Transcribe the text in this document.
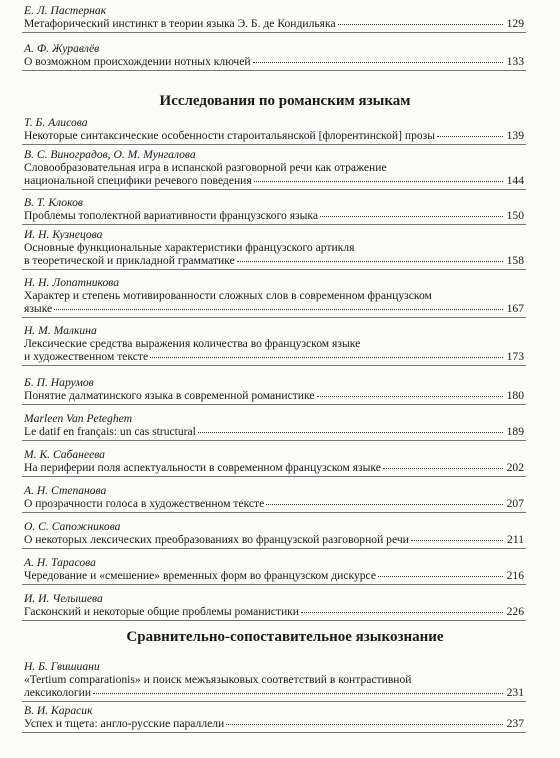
Е. Л. Пастернак
Метафорический инстинкт в теории языка Э. Б. де Кондильяка	129
А. Ф. Журавлёв
О возможном происхождении нотных ключей	133
Исследования по романским языкам
Т. Б. Алисова
Некоторые синтаксические особенности староитальянской [флорентинской] прозы	139
В. С. Виноградов, О. М. Мунгалова
Словообразовательная игра в испанской разговорной речи как отражение
национальной специфики речевого поведения	144
В. Т. Клоков
Проблемы тополектной вариативности французского языка	150
И. Н. Кузнецова
Основные функциональные характеристики французского артикля
в теоретической и прикладной грамматике	158
Н. Н. Лопатникова
Характер и степень мотивированности сложных слов в современном французском
языке	167
Н. М. Малкина
Лексические средства выражения количества во французском языке
и художественном тексте	173
Б. П. Нарумов
Понятие далматинского языка в современной романистике	180
Marleen Van Peteghem
Le datif en français: un cas structural	189
М. К. Сабанеева
На периферии поля аспектуальности в современном французском языке	202
А. Н. Степанова
О прозрачности голоса в художественном тексте	207
О. С. Сапожникова
О некоторых лексических преобразованиях во французской разговорной речи	211
А. Н. Тарасова
Чередование и «смешение» временных форм во французском дискурсе	216
И. И. Челышева
Гасконский и некоторые общие проблемы романистики	226
Сравнительно-сопоставительное языкознание
Н. Б. Гвишиани
«Tertium comparationis» и поиск межъязыковых соответствий в контрастивной
лексикологии	231
В. И. Карасик
Успех и тщета: англо-русские параллели	237
